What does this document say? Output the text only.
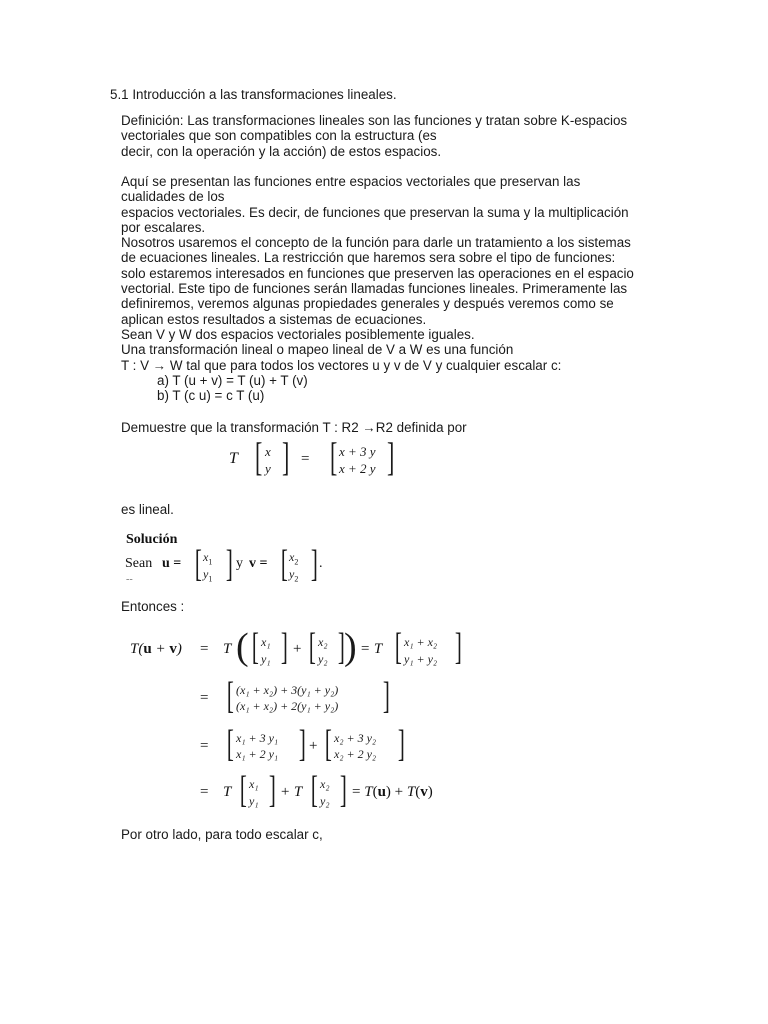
5.1 Introducción a las transformaciones lineales.
Definición: Las transformaciones lineales son las funciones y tratan sobre K-espacios
vectoriales que son compatibles con la estructura (es
decir, con la operación y la acción) de estos espacios.
Aquí se presentan las funciones entre espacios vectoriales que preservan las
cualidades de los
espacios vectoriales. Es decir, de funciones que preservan la suma y la multiplicación
por escalares.
Nosotros usaremos el concepto de la función para darle un tratamiento a los sistemas
de ecuaciones lineales. La restricción que haremos sera sobre el tipo de funciones:
solo estaremos interesados en funciones que preserven las operaciones en el espacio
vectorial. Este tipo de funciones serán llamadas funciones lineales. Primeramente las
definiremos, veremos algunas propiedades generales y después veremos como se
aplican estos resultados a sistemas de ecuaciones.
Sean V y W dos espacios vectoriales posiblemente iguales.
Una transformación lineal o mapeo lineal de V a W es una función
T : V → W tal que para todos los vectores u y v de V y cualquier escalar c:
a) T (u + v) = T (u) + T (v)
b) T (c u) = c T (u)
Demuestre que la transformación T : R2 →R2 definida por
T [ x
y ] = [ x + 3 y
x + 2 y ]
es lineal.
Solución
Sean u = [ $x_1$
$y_1$ ] y v = [ $x_2$
$y_2$ ] .
--
Entonces :
T(u + v) = T ( [ x₁
y₁ ] + [ x₂
y₂ ] ) = T [ x₁ + x₂
y₁ + y₂ ]
= [ (x₁ + x₂) + 3(y₁ + y₂)
(x₁ + x₂) + 2(y₁ + y₂) ]
= [ x₁ + 3 y₁
x₁ + 2 y₁ ] + [ x₂ + 3 y₂
x₂ + 2 y₂ ]
= T [ x₁
y₁ ] + T [ x₂
y₂ ] = T(u) + T(v)
Por otro lado, para todo escalar c,
